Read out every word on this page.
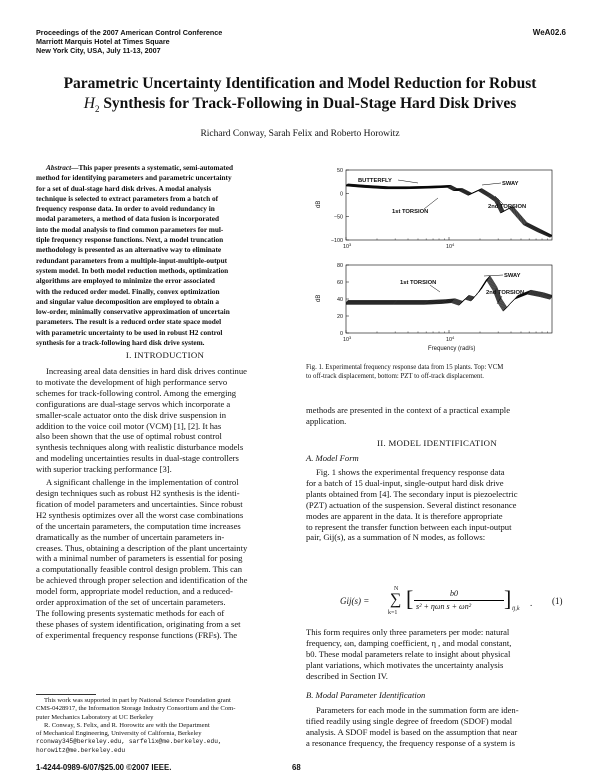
Proceedings of the 2007 American Control Conference
Marriott Marquis Hotel at Times Square
New York City, USA, July 11-13, 2007
WeA02.6
Parametric Uncertainty Identification and Model Reduction for Robust
$H_2$ Synthesis for Track-Following in Dual-Stage Hard Disk Drives
Richard Conway, Sarah Felix and Roberto Horowitz
Abstract—This paper presents a systematic, semi-automated
method for identifying parameters and parametric uncertainty
for a set of dual-stage hard disk drives. A modal analysis
technique is selected to extract parameters from a batch of
frequency response data. In order to avoid redundancy in
modal parameters, a method of data fusion is incorporated
into the modal analysis to find common parameters for mul-
tiple frequency response functions. Next, a model truncation
methodology is presented as an alternative way to eliminate
redundant parameters from a multiple-input-multiple-output
system model. In both model reduction methods, optimization
algorithms are employed to minimize the error associated
with the reduced order model. Finally, convex optimization
and singular value decomposition are employed to obtain a
low-order, minimally conservative approximation of uncertain
parameters. The result is a reduced order state space model
with parametric uncertainty to be used in robust H2 control
synthesis for a track-following hard disk drive system.
I. INTRODUCTION

Increasing areal data densities in hard disk drives continue

to motivate the development of high performance servo

schemes for track-following control. Among the emerging

configurations are dual-stage servos which incorporate a

smaller-scale actuator onto the disk drive suspension in

addition to the voice coil motor (VCM) [1], [2]. It has

also been shown that the use of optimal robust control

synthesis techniques along with realistic disturbance models

and modeling uncertainties results in dual-stage controllers

with superior tracking performance [3].

A significant challenge in the implementation of control

design techniques such as robust H2 synthesis is the identi-

fication of model parameters and uncertainties. Since robust

H2 synthesis optimizes over all the worst case combinations

of the uncertain parameters, the computation time increases

dramatically as the number of uncertain parameters in-

creases. Thus, obtaining a description of the plant uncertainty

with a minimal number of parameters is essential for posing

a computationally feasible control design problem. This can

be achieved through proper selection and identification of the

model form, appropriate model reduction, and a reduced-

order approximation of the set of uncertain parameters.

The following presents systematic methods for each of

these phases of system identification, originating from a set

of experimental frequency response functions (FRFs). The

This work was supported in part by National Science Foundation grant
CMS-0428917, the Information Storage Industry Consortium and the Com-
puter Mechanics Laboratory at UC Berkeley
R. Conway, S. Felix, and R. Horowitz are with the Department
of Mechanical Engineering, University of California, Berkeley
rconway345@berkeley.edu, sarfelix@me.berkeley.edu,
horowitz@me.berkeley.edu
1-4244-0989-6/07/$25.00 ©2007 IEEE.	68
50
0
−50
−100
$10^3$	$10^4$
dB
BUTTERFLY	SWAY
1st TORSION
2nd TORSION
80
60
40
20
0
$10^3$	$10^4$
dB
1st TORSION
SWAY
2nd TORSION
Frequency (rad/s)
Fig. 1. Experimental frequency response data from 15 plants. Top: VCM
to off-track displacement, bottom: PZT to off-track displacement.

methods are presented in the context of a practical example

application.

II. MODEL IDENTIFICATION
A. Model Form

Fig. 1 shows the experimental frequency response data

for a batch of 15 dual-input, single-output hard disk drive

plants obtained from [4]. The secondary input is piezoelectric

(PZT) actuation of the suspension. Several distinct resonance

modes are apparent in the data. It is therefore appropriate

to represent the transfer function between each input-output

pair, Gij(s), as a summation of N modes, as follows:

Gij(s) =
N
∑
k=1
[	b0
s² + ηωn s + ωn² ] ij,k
. (1)

This form requires only three parameters per mode: natural

frequency, ωn, damping coefficient, η , and modal constant,

b0. These modal parameters relate to insight about physical

plant variations, which motivates the uncertainty analysis

described in Section IV.

B. Modal Parameter Identification

Parameters for each mode in the summation form are iden-

tified readily using single degree of freedom (SDOF) modal

analysis. A SDOF model is based on the assumption that near

a resonance frequency, the frequency response of a system is
